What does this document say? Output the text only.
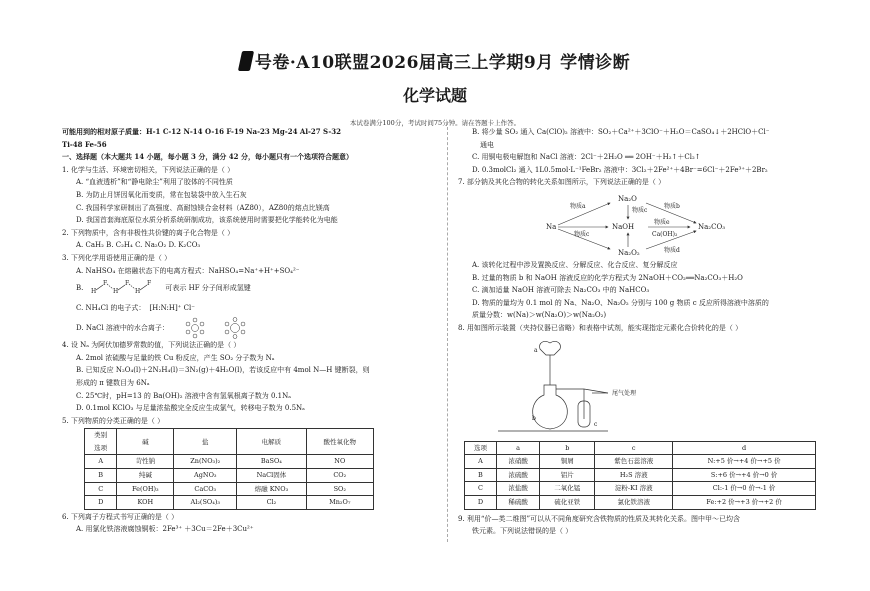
号卷·A10联盟2026届高三上学期9月 学情诊断
化学试题
本试卷满分100分，考试时间75分钟。请在答题卡上作答。
可能用到的相对原子质量：H-1 C-12 N-14 O-16 F-19 Na-23 Mg-24 Al-27 S-32
Ti-48 Fe-56
一、选择题（本大题共 14 小题，每小题 3 分，满分 42 分，每小题只有一个选项符合题意）
1. 化学与生活、环境密切相关，下列说法正确的是（ ）
A. “血液透析”和“静电除尘”利用了胶体的不同性质
B. 为防止月饼因氧化而变质，常在包装袋中放入生石灰
C. 我国科学家研制出了高强度、高耐蚀镁合金材料（AZ80），AZ80的熔点比镁高
D. 我国首套海底原位水质分析系统研制成功，该系统使用时需要把化学能转化为电能
2. 下列物质中，含有非极性共价键的离子化合物是（ ）
A. CaH₂ B. C₂H₄ C. Na₂O₂ D. K₂CO₃
3. 下列化学用语使用正确的是（ ）
A. NaHSO₄ 在熔融状态下的电离方程式：NaHSO₄=Na⁺+H⁺+SO₄²⁻
B. H
F
H
F
H
F
可表示 HF 分子间形成氢键
C. NH₄Cl 的电子式： [H:N:H]⁺ Cl⁻
D. NaCl 溶液中的水合离子：
4. 设 Nₐ 为阿伏加德罗常数的值，下列说法正确的是（ ）
A. 2mol 浓硫酸与足量的铁 Cu 粉反应，产生 SO₂ 分子数为 Nₐ
B. 已知反应 N₂O₄(l)＋2N₂H₄(l)＝3N₂(g)＋4H₂O(l)，若该反应中有 4mol N—H 键断裂，则
形成的 π 键数目为 6Nₐ
C. 25℃时，pH=13 的 Ba(OH)₂ 溶液中含有氢氧根离子数为 0.1Nₐ
D. 0.1mol KClO₃ 与足量浓盐酸完全反应生成氯气，转移电子数为 0.5Nₐ
5. 下列物质的分类正确的是（ ）
类别
选项	碱	盐	电解质	酸性氧化物
A	苛性钠	Zn(NO₃)₂	BaSO₄	NO
B	纯碱	AgNO₃	NaCl固体	CO₂
C	Fe(OH)₃	CaCO₃	熔融 KNO₃	SO₂
D	KOH	Al₂(SO₄)₃	Cl₂	Mn₂O₇
6. 下列离子方程式书写正确的是（ ）
A. 用氯化铁溶液腐蚀铜板：2Fe³⁺ ＋3Cu＝2Fe＋3Cu²⁺
B. 将少量 SO₂ 通入 Ca(ClO)₂ 溶液中：SO₂＋Ca²⁺＋3ClO⁻＋H₂O＝CaSO₄↓＋2HClO＋Cl⁻
通电
C. 用铜电极电解饱和 NaCl 溶液：2Cl⁻＋2H₂O ══ 2OH⁻＋H₂↑＋Cl₂↑
D. 0.3molCl₂ 通入 1L0.5mol·L⁻¹FeBr₂ 溶液中：3Cl₂＋2Fe²⁺＋4Br⁻=6Cl⁻＋2Fe³⁺＋2Br₂
7. 部分钠及其化合物的转化关系如图所示，下列说法正确的是（ ）
Na
Na₂O
NaOH
Na₂O₂
Na₂CO₃
物质a
物质c
物质c
物质b
物质e
Ca(OH)₂
物质d
A. 该转化过程中涉及置换反应、分解反应、化合反应、复分解反应
B. 过量的物质 b 和 NaOH 溶液反应的化学方程式为 2NaOH＋CO₂══Na₂CO₃＋H₂O
C. 滴加适量 NaOH 溶液可除去 Na₂CO₃ 中的 NaHCO₃
D. 物质的量均为 0.1 mol 的 Na、Na₂O、Na₂O₂ 分别与 100 g 物质 c 反应所得溶液中溶质的
质量分数：w(Na)＞w(Na₂O)＞w(Na₂O₂)
8. 用如图所示装置（夹持仪器已省略）和表格中试剂，能实现指定元素化合价转化的是（ ）
尾气处理
a
b
c
选项	a	b	c	d
A	浓硝酸	铜屑	紫色石蕊溶液	N:+5 价→+4 价→+5 价
B	浓硫酸	铝片	H₂S 溶液	S:+6 价→+4 价→0 价
C	浓盐酸	二氧化锰	淀粉-KI 溶液	Cl:-1 价→0 价→-1 价
D	稀硫酸	硫化亚铁	氯化铁溶液	Fe:+2 价→+3 价→+2 价
9. 利用“价—类二维图”可以从不同角度研究含铁物质的性质及其转化关系。图中甲～已均含
铁元素。下列说法错误的是（ ）
